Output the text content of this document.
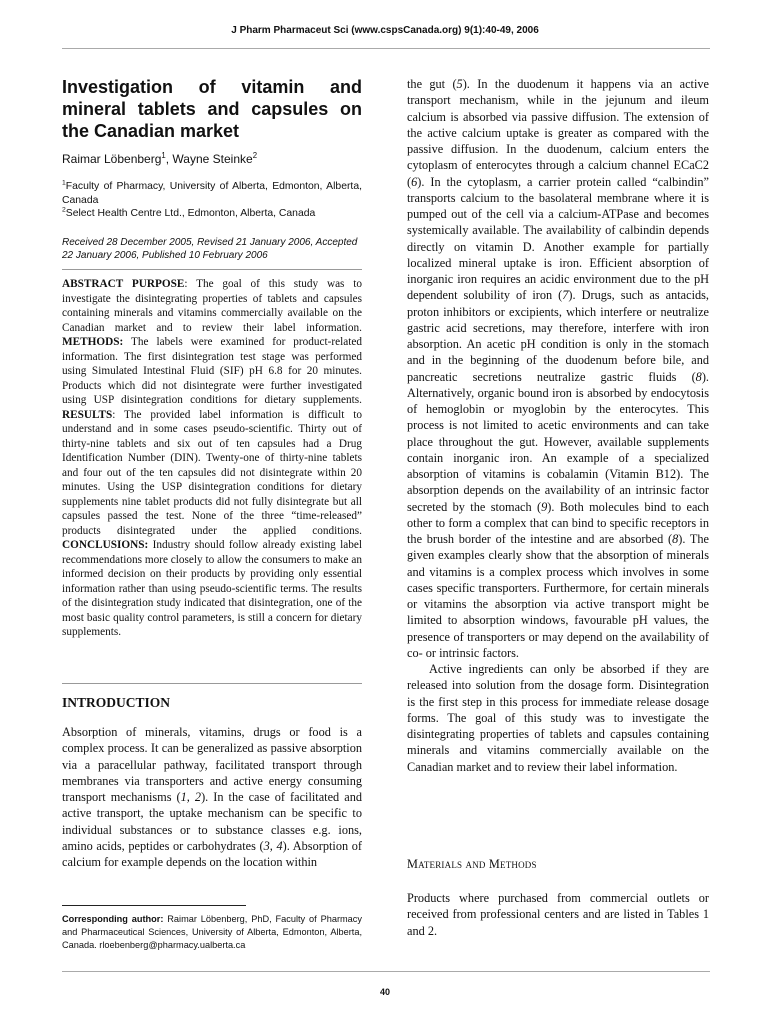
J Pharm Pharmaceut Sci (www.cspsCanada.org) 9(1):40-49, 2006
Investigation of vitamin and mineral tablets and capsules on the Canadian market
Raimar Löbenberg$^1$, Wayne Steinke$^2$
$^1$Faculty of Pharmacy, University of Alberta, Edmonton, Alberta, Canada
$^2$Select Health Centre Ltd., Edmonton, Alberta, Canada
Received 28 December 2005, Revised 21 January 2006, Accepted 22 January 2006, Published 10 February 2006
ABSTRACT PURPOSE: The goal of this study was to investigate the disintegrating properties of tablets and capsules containing minerals and vitamins commercially available on the Canadian market and to review their label information. METHODS: The labels were examined for product-related information. The first disintegration test stage was performed using Simulated Intestinal Fluid (SIF) pH 6.8 for 20 minutes. Products which did not disintegrate were further investigated using USP disintegration conditions for dietary supplements. RESULTS: The provided label information is difficult to understand and in some cases pseudo-scientific. Thirty out of thirty-nine tablets and six out of ten capsules had a Drug Identification Number (DIN). Twenty-one of thirty-nine tablets and four out of the ten capsules did not disintegrate within 20 minutes. Using the USP disintegration conditions for dietary supplements nine tablet products did not fully disintegrate but all capsules passed the test. None of the three “time-released” products disintegrated under the applied conditions. CONCLUSIONS: Industry should follow already existing label recommendations more closely to allow the consumers to make an informed decision on their products by providing only essential information rather than using pseudo-scientific terms. The results of the disintegration study indicated that disintegration, one of the most basic quality control parameters, is still a concern for dietary supplements.
INTRODUCTION
Absorption of minerals, vitamins, drugs or food is a complex process. It can be generalized as passive absorption via a paracellular pathway, facilitated transport through membranes via transporters and active energy consuming transport mechanisms (1, 2). In the case of facilitated and active transport, the uptake mechanism can be specific to individual substances or to substance classes e.g. ions, amino acids, peptides or carbohydrates (3, 4). Absorption of calcium for example depends on the location within
Corresponding author: Raimar Löbenberg, PhD, Faculty of Pharmacy and Pharmaceutical Sciences, University of Alberta, Edmonton, Alberta, Canada. rloebenberg@pharmacy.ualberta.ca

the gut (5). In the duodenum it happens via an active transport mechanism, while in the jejunum and ileum calcium is absorbed via passive diffusion. The extension of the active calcium uptake is greater as compared with the passive diffusion. In the duodenum, calcium enters the cytoplasm of enterocytes through a calcium channel ECaC2 (6). In the cytoplasm, a carrier protein called “calbindin” transports calcium to the basolateral membrane where it is pumped out of the cell via a calcium-ATPase and becomes systemically available. The availability of calbindin depends directly on vitamin D. Another example for partially localized mineral uptake is iron. Efficient absorption of inorganic iron requires an acidic environment due to the pH dependent solubility of iron (7). Drugs, such as antacids, proton inhibitors or excipients, which interfere or neutralize gastric acid secretions, may therefore, interfere with iron absorption. An acetic pH condition is only in the stomach and in the beginning of the duodenum before bile, and pancreatic secretions neutralize gastric fluids (8). Alternatively, organic bound iron is absorbed by endocytosis of hemoglobin or myoglobin by the enterocytes. This process is not limited to acetic environments and can take place throughout the gut. However, available supplements contain inorganic iron. An example of a specialized absorption of vitamins is cobalamin (Vitamin B12). The absorption depends on the availability of an intrinsic factor secreted by the stomach (9). Both molecules bind to each other to form a complex that can bind to specific receptors in the brush border of the intestine and are absorbed (8). The given examples clearly show that the absorption of minerals and vitamins is a complex process which involves in some cases specific transporters. Furthermore, for certain minerals or vitamins the absorption via active transport might be limited to absorption windows, favourable pH values, the presence of transporters or may depend on the availability of co- or intrinsic factors.

Active ingredients can only be absorbed if they are released into solution from the dosage form. Disintegration is the first step in this process for immediate release dosage forms. The goal of this study was to investigate the disintegrating properties of tablets and capsules containing minerals and vitamins commercially available on the Canadian market and to review their label information.

Materials and Methods
Products where purchased from commercial outlets or received from professional centers and are listed in Tables 1 and 2.
40
